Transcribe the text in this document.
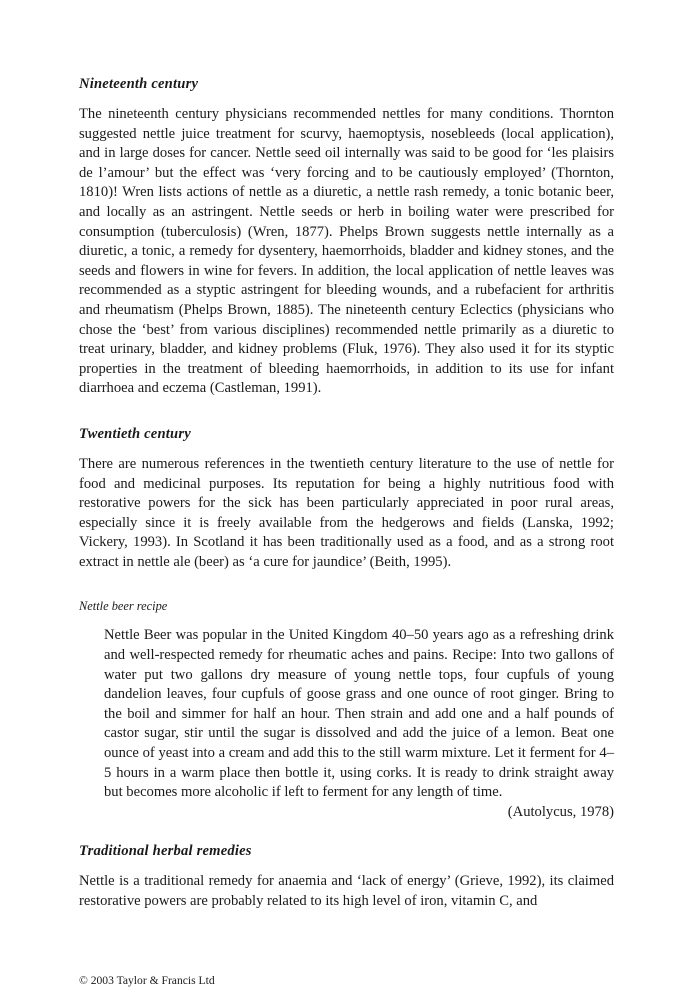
Nineteenth century

The nineteenth century physicians recommended nettles for many conditions. Thornton suggested nettle juice treatment for scurvy, haemoptysis, nosebleeds (local application), and in large doses for cancer. Nettle seed oil internally was said to be good for ‘les plaisirs de l’amour’ but the effect was ‘very forcing and to be cautiously employed’ (Thornton, 1810)! Wren lists actions of nettle as a diuretic, a nettle rash remedy, a tonic botanic beer, and locally as an astringent. Nettle seeds or herb in boiling water were prescribed for consumption (tuberculosis) (Wren, 1877). Phelps Brown suggests nettle internally as a diuretic, a tonic, a remedy for dysentery, haemorrhoids, bladder and kidney stones, and the seeds and flowers in wine for fevers. In addition, the local application of nettle leaves was recommended as a styptic astringent for bleeding wounds, and a rubefacient for arthritis and rheumatism (Phelps Brown, 1885). The nineteenth century Eclectics (physicians who chose the ‘best’ from various disciplines) recommended nettle primarily as a diuretic to treat urinary, bladder, and kidney problems (Fluk, 1976). They also used it for its styptic properties in the treatment of bleeding haemorrhoids, in addition to its use for infant diarrhoea and eczema (Castleman, 1991).

Twentieth century

There are numerous references in the twentieth century literature to the use of nettle for food and medicinal purposes. Its reputation for being a highly nutritious food with restorative powers for the sick has been particularly appreciated in poor rural areas, especially since it is freely available from the hedgerows and fields (Lanska, 1992; Vickery, 1993). In Scotland it has been traditionally used as a food, and as a strong root extract in nettle ale (beer) as ‘a cure for jaundice’ (Beith, 1995).

Nettle beer recipe

Nettle Beer was popular in the United Kingdom 40–50 years ago as a refreshing drink and well-respected remedy for rheumatic aches and pains. Recipe: Into two gallons of water put two gallons dry measure of young nettle tops, four cupfuls of young dandelion leaves, four cupfuls of goose grass and one ounce of root ginger. Bring to the boil and simmer for half an hour. Then strain and add one and a half pounds of castor sugar, stir until the sugar is dissolved and add the juice of a lemon. Beat one ounce of yeast into a cream and add this to the still warm mixture. Let it ferment for 4–5 hours in a warm place then bottle it, using corks. It is ready to drink straight away but becomes more alcoholic if left to ferment for any length of time.

(Autolycus, 1978)

Traditional herbal remedies

Nettle is a traditional remedy for anaemia and ‘lack of energy’ (Grieve, 1992), its claimed restorative powers are probably related to its high level of iron, vitamin C, and

© 2003 Taylor & Francis Ltd
